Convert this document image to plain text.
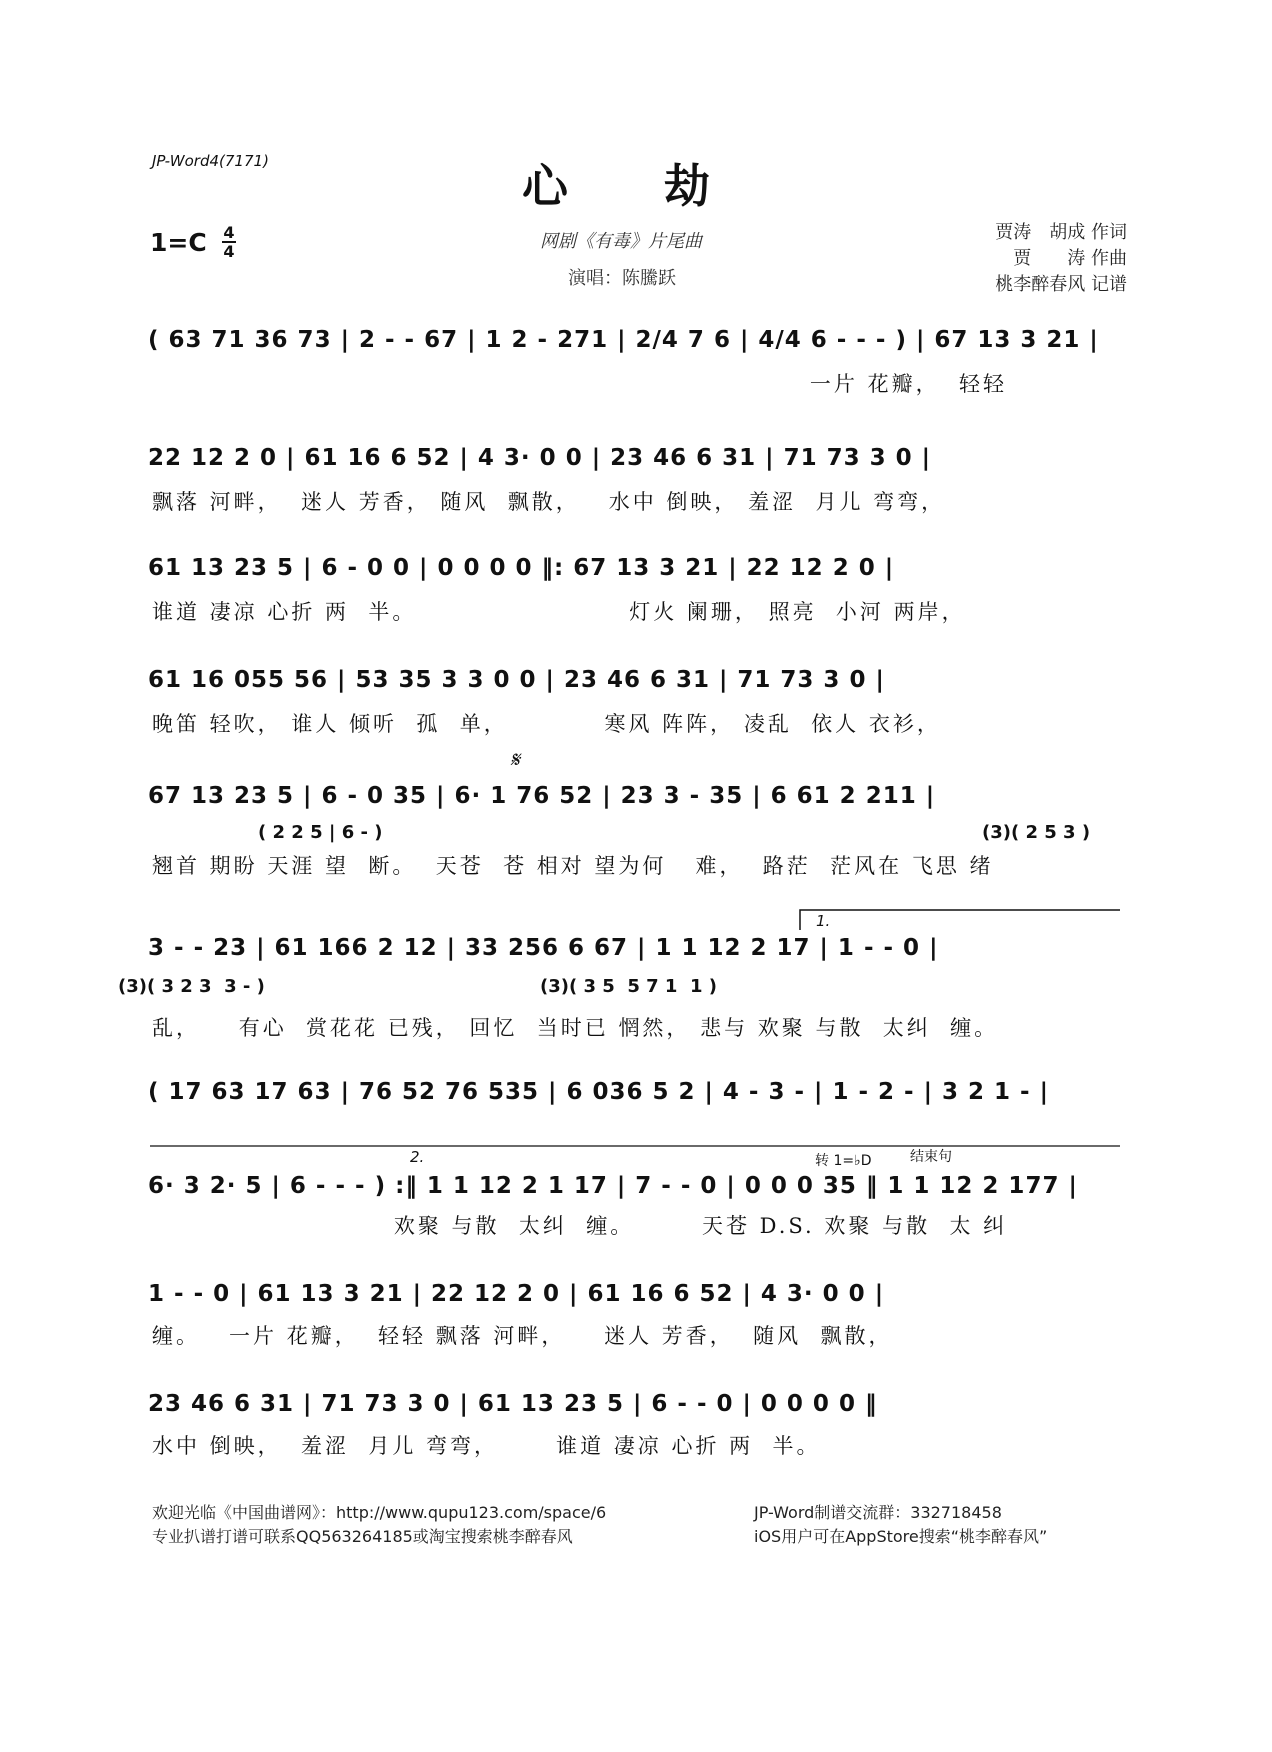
JP-Word4(7171)	心 劫
1=C 4
4	网剧《有毒》片尾曲
演唱：陈騰跃
贾涛　胡成 作词
贾　　涛 作曲
桃李醉春风 记谱
( 63 71 36 73 | 2 - - 67 | 1 2 - 271 | 2/4 7 6 | 4/4 6 - - - ) | 67 13 3 21 |
一片 花瓣，  轻轻
22 12 2 0 | 61 16 6 52 | 4 3· 0 0 | 23 46 6 31 | 71 73 3 0 |
飘落 河畔，  迷人 芳香， 随风  飘散，   水中 倒映， 羞涩  月儿 弯弯，
61 13 23 5 | 6 - 0 0 | 0 0 0 0 ‖: 67 13 3 21 | 22 12 2 0 |
谁道 凄凉 心折 两  半。                      灯火 阑珊， 照亮  小河 两岸，
61 16 055 56 | 53 35 3 3 0 0 | 23 46 6 31 | 71 73 3 0 |
晚笛 轻吹， 谁人 倾听  孤  单，          寒风 阵阵， 凌乱  依人 衣衫，
𝄋
67 13 23 5 | 6 - 0 35 | 6· 1 76 52 | 23 3 - 35 | 6 61 2 211 |
( 2 2 5 | 6 - )	(3)( 2 5 3 )
翘首 期盼 天涯 望  断。  天苍  苍 相对 望为何   难，  路茫  茫风在 飞思 绪
1.
3 - - 23 | 61 166 2 12 | 33 256 6 67 | 1 1 12 2 17 | 1 - - 0 |
(3)( 3 2 3  3 - )	(3)( 3 5  5 7 1  1 )
乱，    有心  赏花花 已残， 回忆  当时已 惘然， 悲与 欢聚 与散  太纠  缠。
( 17 63 17 63 | 76 52 76 535 | 6 036 5 2 | 4 - 3 - | 1 - 2 - | 3 2 1 - |
2.	转 1=♭D	结束句
6· 3 2· 5 | 6 - - - ) :‖ 1 1 12 2 1 17 | 7 - - 0 | 0 0 0 35 ‖ 1 1 12 2 177 |
欢聚 与散  太纠  缠。       天苍 D.S. 欢聚 与散  太 纠
1 - - 0 | 61 13 3 21 | 22 12 2 0 | 61 16 6 52 | 4 3· 0 0 |
缠。   一片 花瓣，  轻轻 飘落 河畔，    迷人 芳香，  随风  飘散，
23 46 6 31 | 71 73 3 0 | 61 13 23 5 | 6 - - 0 | 0 0 0 0 ‖
水中 倒映，  羞涩  月儿 弯弯，      谁道 凄凉 心折 两  半。
欢迎光临《中国曲谱网》：http://www.qupu123.com/space/6
专业扒谱打谱可联系QQ563264185或淘宝搜索桃李醉春风
JP-Word制谱交流群：332718458
iOS用户可在AppStore搜索“桃李醉春风”
